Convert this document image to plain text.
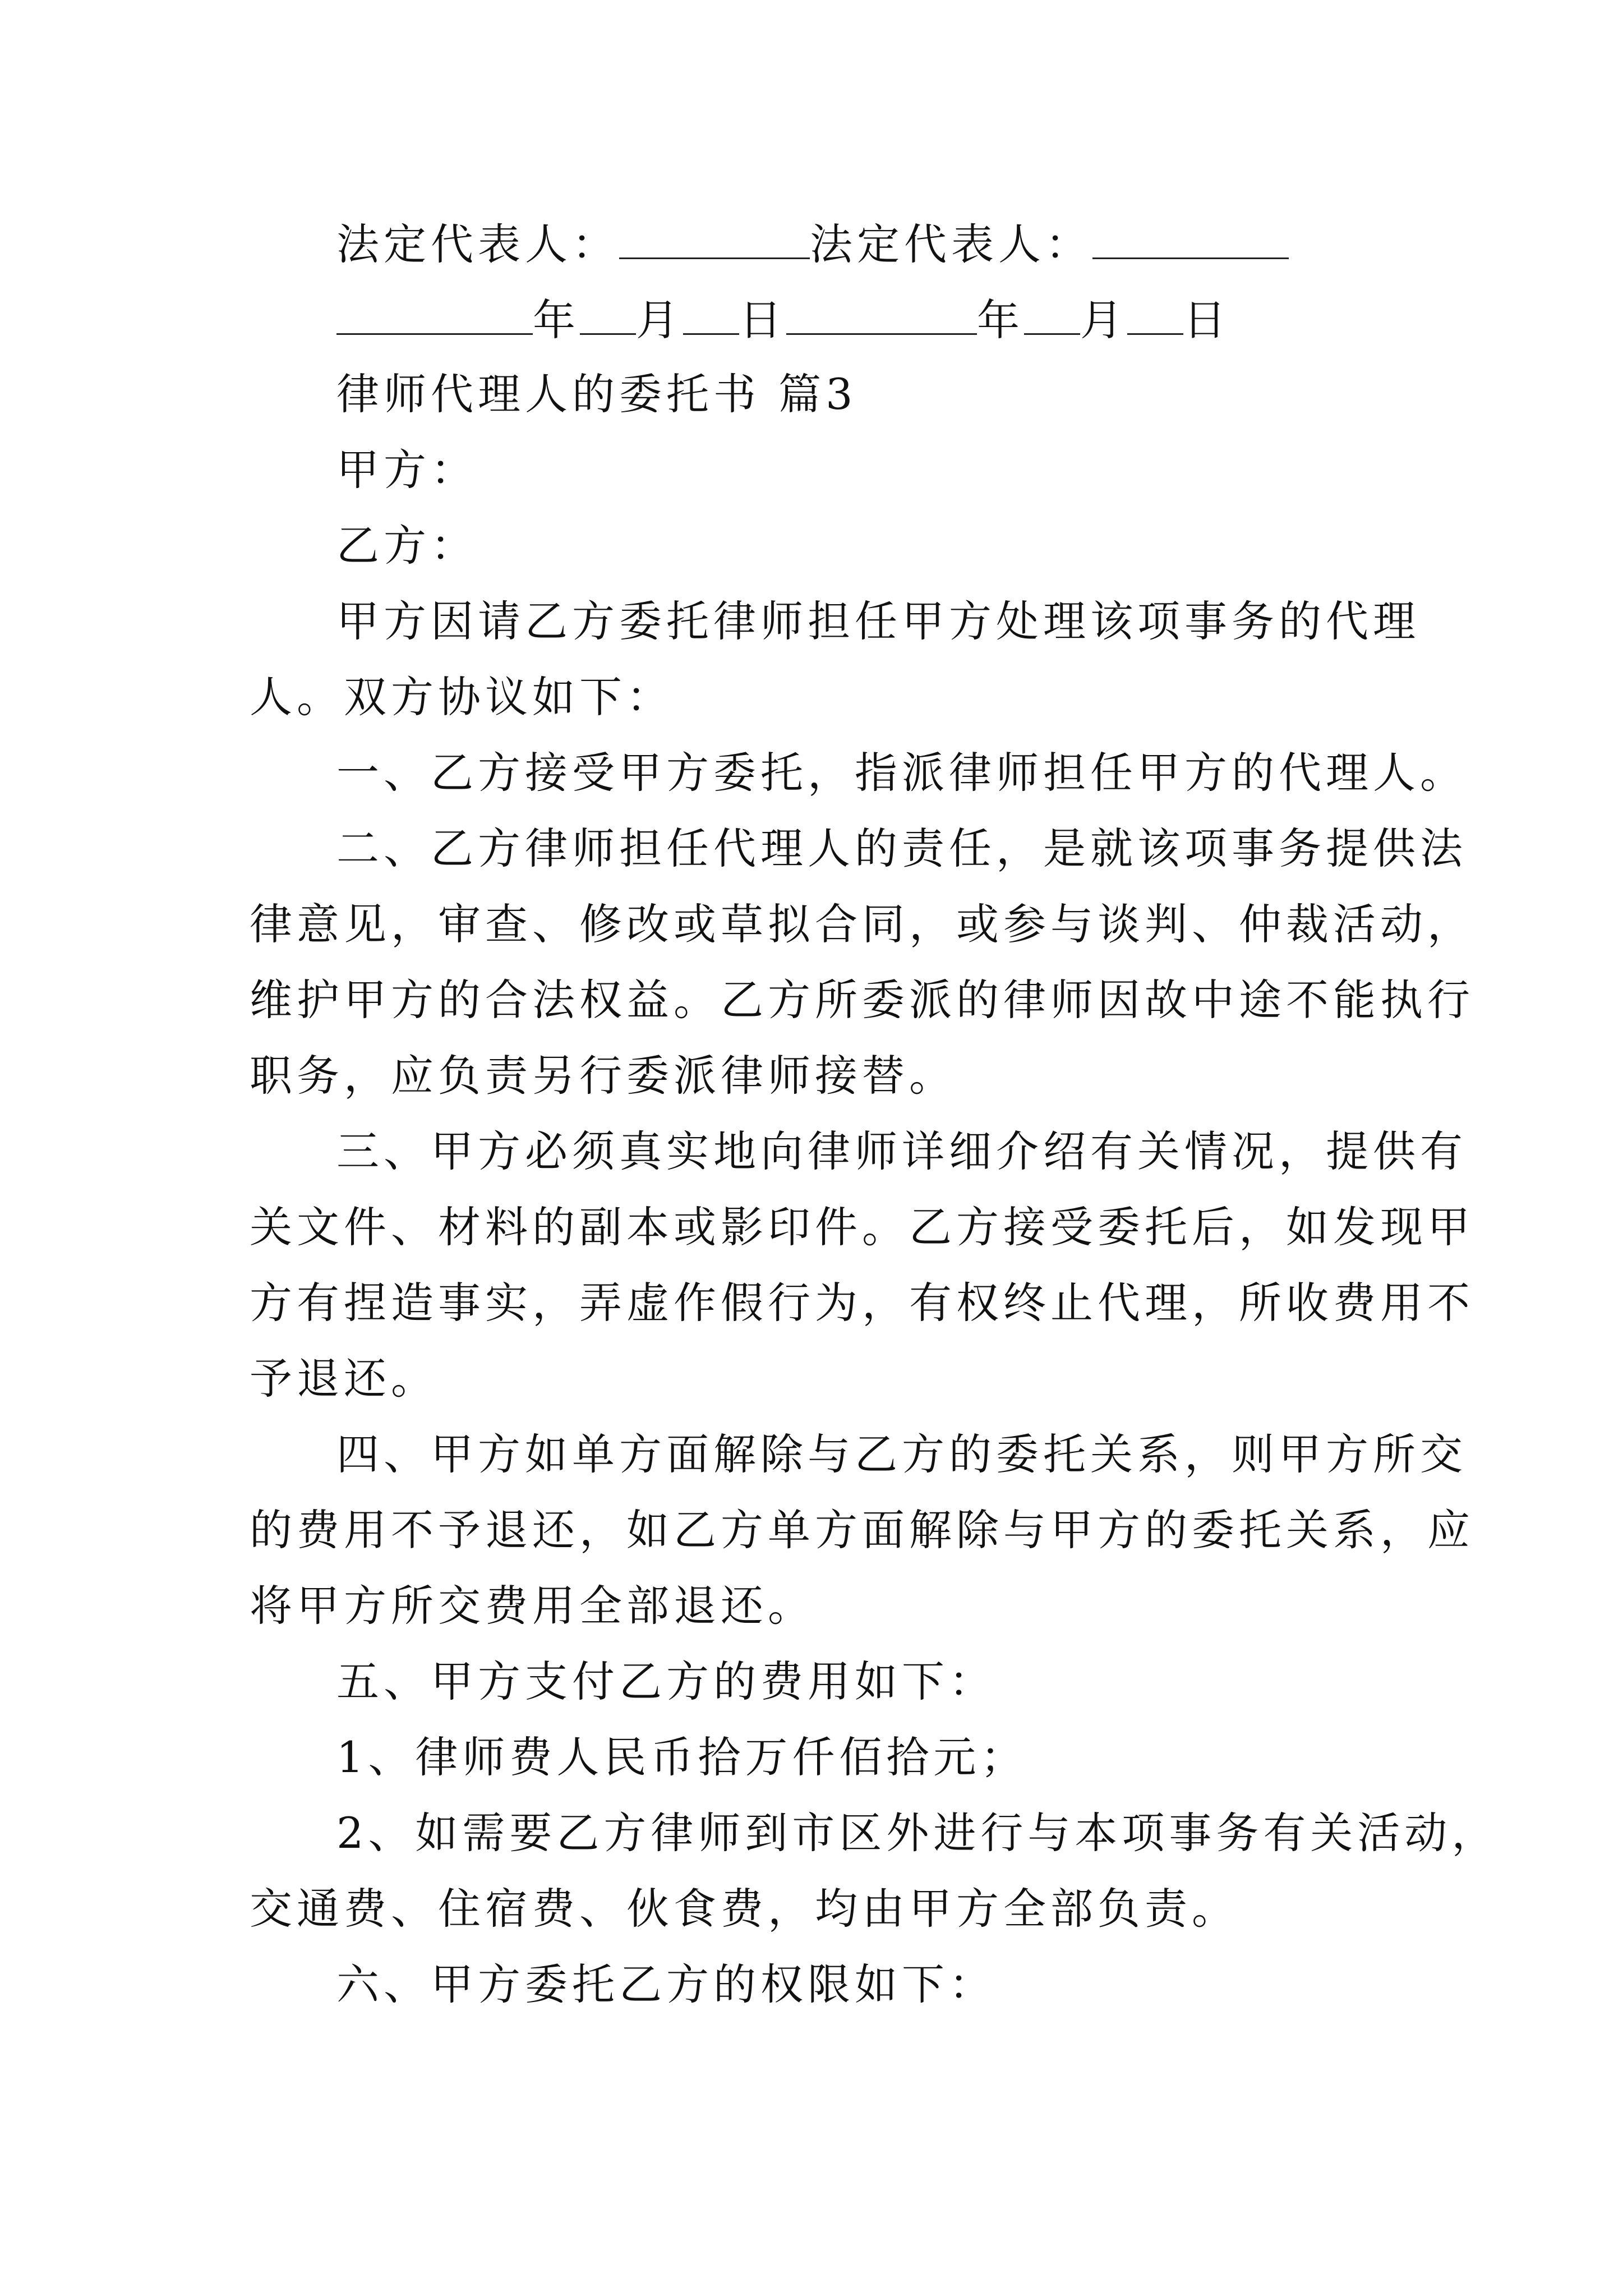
法定代表人：	法定代表人：
年 月 日	年 月 日
律师代理人的委托书 篇3
甲方：
乙方：
甲方因请乙方委托律师担任甲方处理该项事务的代理
人。双方协议如下：
一、乙方接受甲方委托，指派律师担任甲方的代理人。
二、乙方律师担任代理人的责任，是就该项事务提供法
律意见，审查、修改或草拟合同，或参与谈判、仲裁活动，
维护甲方的合法权益。乙方所委派的律师因故中途不能执行
职务，应负责另行委派律师接替。
三、甲方必须真实地向律师详细介绍有关情况，提供有
关文件、材料的副本或影印件。乙方接受委托后，如发现甲
方有捏造事实，弄虚作假行为，有权终止代理，所收费用不
予退还。
四、甲方如单方面解除与乙方的委托关系，则甲方所交
的费用不予退还，如乙方单方面解除与甲方的委托关系，应
将甲方所交费用全部退还。
五、甲方支付乙方的费用如下：
1、律师费人民币拾万仟佰拾元；
2、如需要乙方律师到市区外进行与本项事务有关活动，
交通费、住宿费、伙食费，均由甲方全部负责。
六、甲方委托乙方的权限如下：
